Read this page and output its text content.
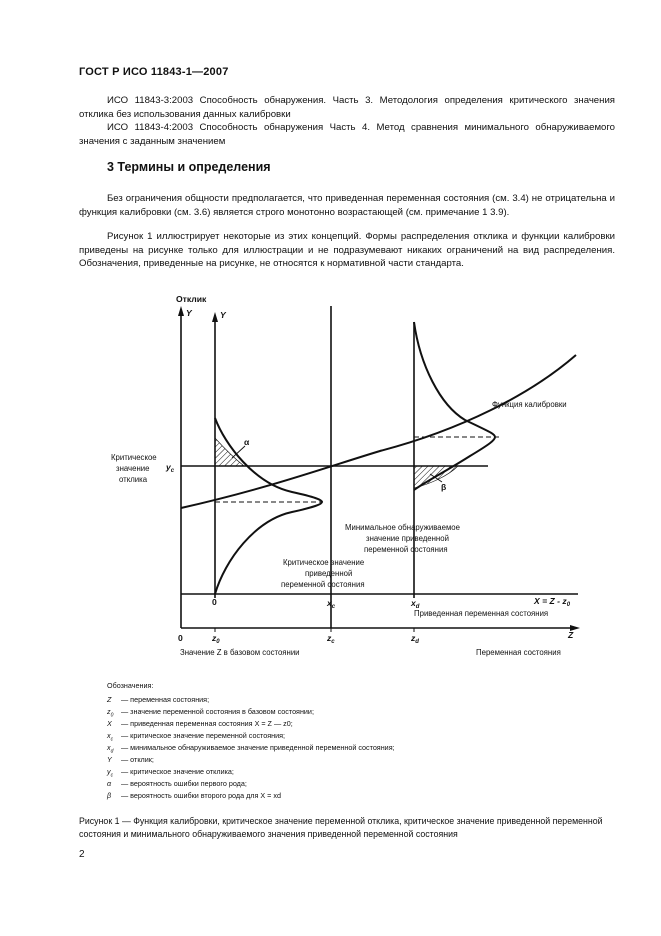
ГОСТ Р ИСО 11843-1—2007
ИСО 11843-3:2003 Способность обнаружения. Часть 3. Методология определения критического значения отклика без использования данных калибровки
ИСО 11843-4:2003 Способность обнаружения Часть 4. Метод сравнения минимального обнаруживаемого значения с заданным значением
3 Термины и определения
Без ограничения общности предполагается, что приведенная переменная состояния (см. 3.4) не отрицательна и функция калибровки (см. 3.6) является строго монотонно возрастающей (см. примечание 1 3.9).
Рисунок 1 иллюстрирует некоторые из этих концепций. Формы распределения отклика и функции калибровки приведены на рисунке только для иллюстрации и не подразумевают никаких ограничений на вид распределения. Обозначения, приведенные на рисунке, не относятся к нормативной части стандарта.
Отклик
Y	Y
Критическое
значение
отклика
$y_c$
Функция калибровки
α
β
Минимальное обнаруживаемое
значение приведенной
переменной состояния
Критическое значение
приведенной
переменной состояния
0	$x_c$	$x_d$
$X = Z - z_0$
Приведенная переменная состояния
0	$z_0$	$z_c$	$z_d$
Z
Значение Z в базовом состоянии	Переменная состояния
Обозначения:
Z — переменная состояния;
$z_0$ — значение переменной состояния в базовом состоянии;
X — приведенная переменная состояния X = Z — z0;
$x_c$ — критическое значение переменной состояния;
$x_d$ — минимальное обнаруживаемое значение приведенной переменной состояния;
Y — отклик;
$y_c$ — критическое значение отклика;
α — вероятность ошибки первого рода;
β — вероятность ошибки второго рода для X = xd
Рисунок 1 — Функция калибровки, критическое значение переменной отклика, критическое значение приведенной переменной состояния и минимального обнаруживаемого значения приведенной переменной состояния
2
